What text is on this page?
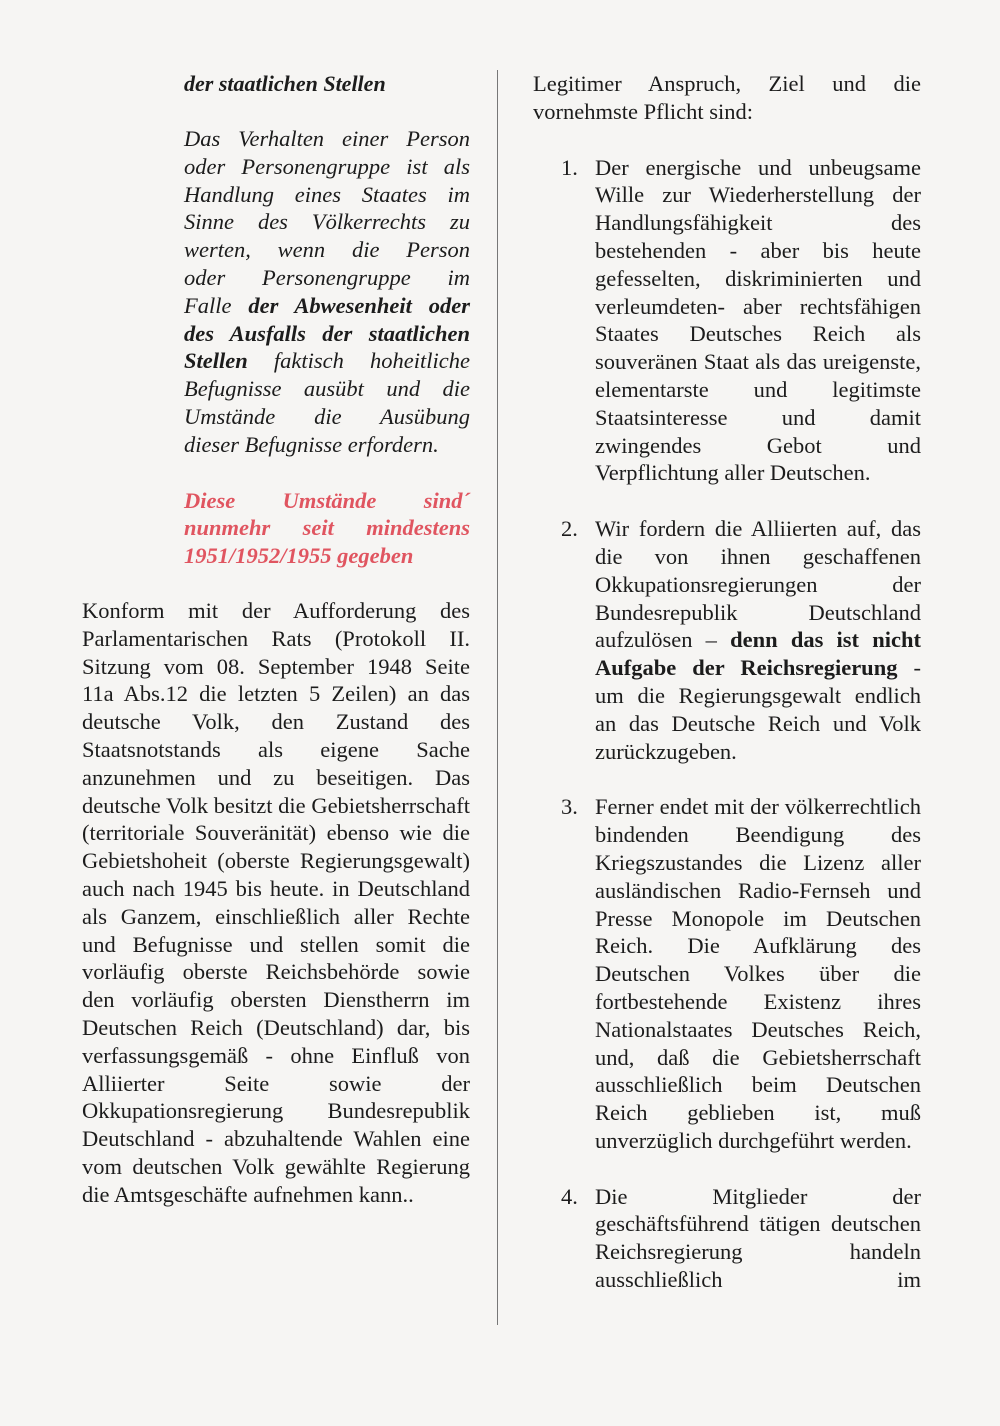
der staatlichen Stellen

Das Verhalten einer Person

oder Personengruppe ist als

Handlung eines Staates im

Sinne des Völkerrechts zu

werten, wenn die Person

oder Personengruppe im

Falle der Abwesenheit oder

des Ausfalls der staatlichen

Stellen faktisch hoheitliche

Befugnisse ausübt und die

Umstände die Ausübung

dieser Befugnisse erfordern.

Diese Umstände sind´

nunmehr seit mindestens

1951/1952/1955 gegeben

Konform mit der Aufforderung des Parlamentarischen Rats (Protokoll II. Sitzung vom 08. September 1948 Seite 11a Abs.12 die letzten 5 Zeilen) an das deutsche Volk, den Zustand des Staatsnotstands als eigene Sache anzunehmen und zu beseitigen. Das deutsche Volk besitzt die Gebietsherrschaft (territoriale Souveränität) ebenso wie die Gebietshoheit (oberste Regierungsgewalt) auch nach 1945 bis heute. in Deutschland als Ganzem, einschließlich aller Rechte und Befugnisse und stellen somit die vorläufig oberste Reichsbehörde sowie den vorläufig obersten Dienstherrn im Deutschen Reich (Deutschland) dar, bis verfassungsgemäß - ohne Einfluß von Alliierter Seite sowie der Okkupationsregierung Bundesrepublik Deutschland - abzuhaltende Wahlen eine vom deutschen Volk gewählte Regierung die Amtsgeschäfte aufnehmen kann..

Legitimer Anspruch, Ziel und die vornehmste Pflicht sind:

1. Der energische und unbeugsame Wille zur Wiederherstellung der Handlungsfähigkeit des bestehenden - aber bis heute gefesselten, diskriminierten und verleumdeten- aber rechtsfähigen Staates Deutsches Reich als souveränen Staat als das ureigenste, elementarste und legitimste Staatsinteresse und damit zwingendes Gebot und Verpflichtung aller Deutschen.

2. Wir fordern die Alliierten auf, das die von ihnen geschaffenen Okkupationsregierungen der Bundesrepublik Deutschland aufzulösen – denn das ist nicht Aufgabe der Reichsregierung - um die Regierungsgewalt endlich an das Deutsche Reich und Volk zurückzugeben.

3. Ferner endet mit der völkerrechtlich bindenden Beendigung des Kriegszustandes die Lizenz aller ausländischen Radio-Fernseh und Presse Monopole im Deutschen Reich. Die Aufklärung des Deutschen Volkes über die fortbestehende Existenz ihres Nationalstaates Deutsches Reich, und, daß die Gebietsherrschaft ausschließlich beim Deutschen Reich geblieben ist, muß unverzüglich durchgeführt werden.

4. Die Mitglieder der geschäftsführend tätigen deutschen Reichsregierung handeln ausschließlich im
